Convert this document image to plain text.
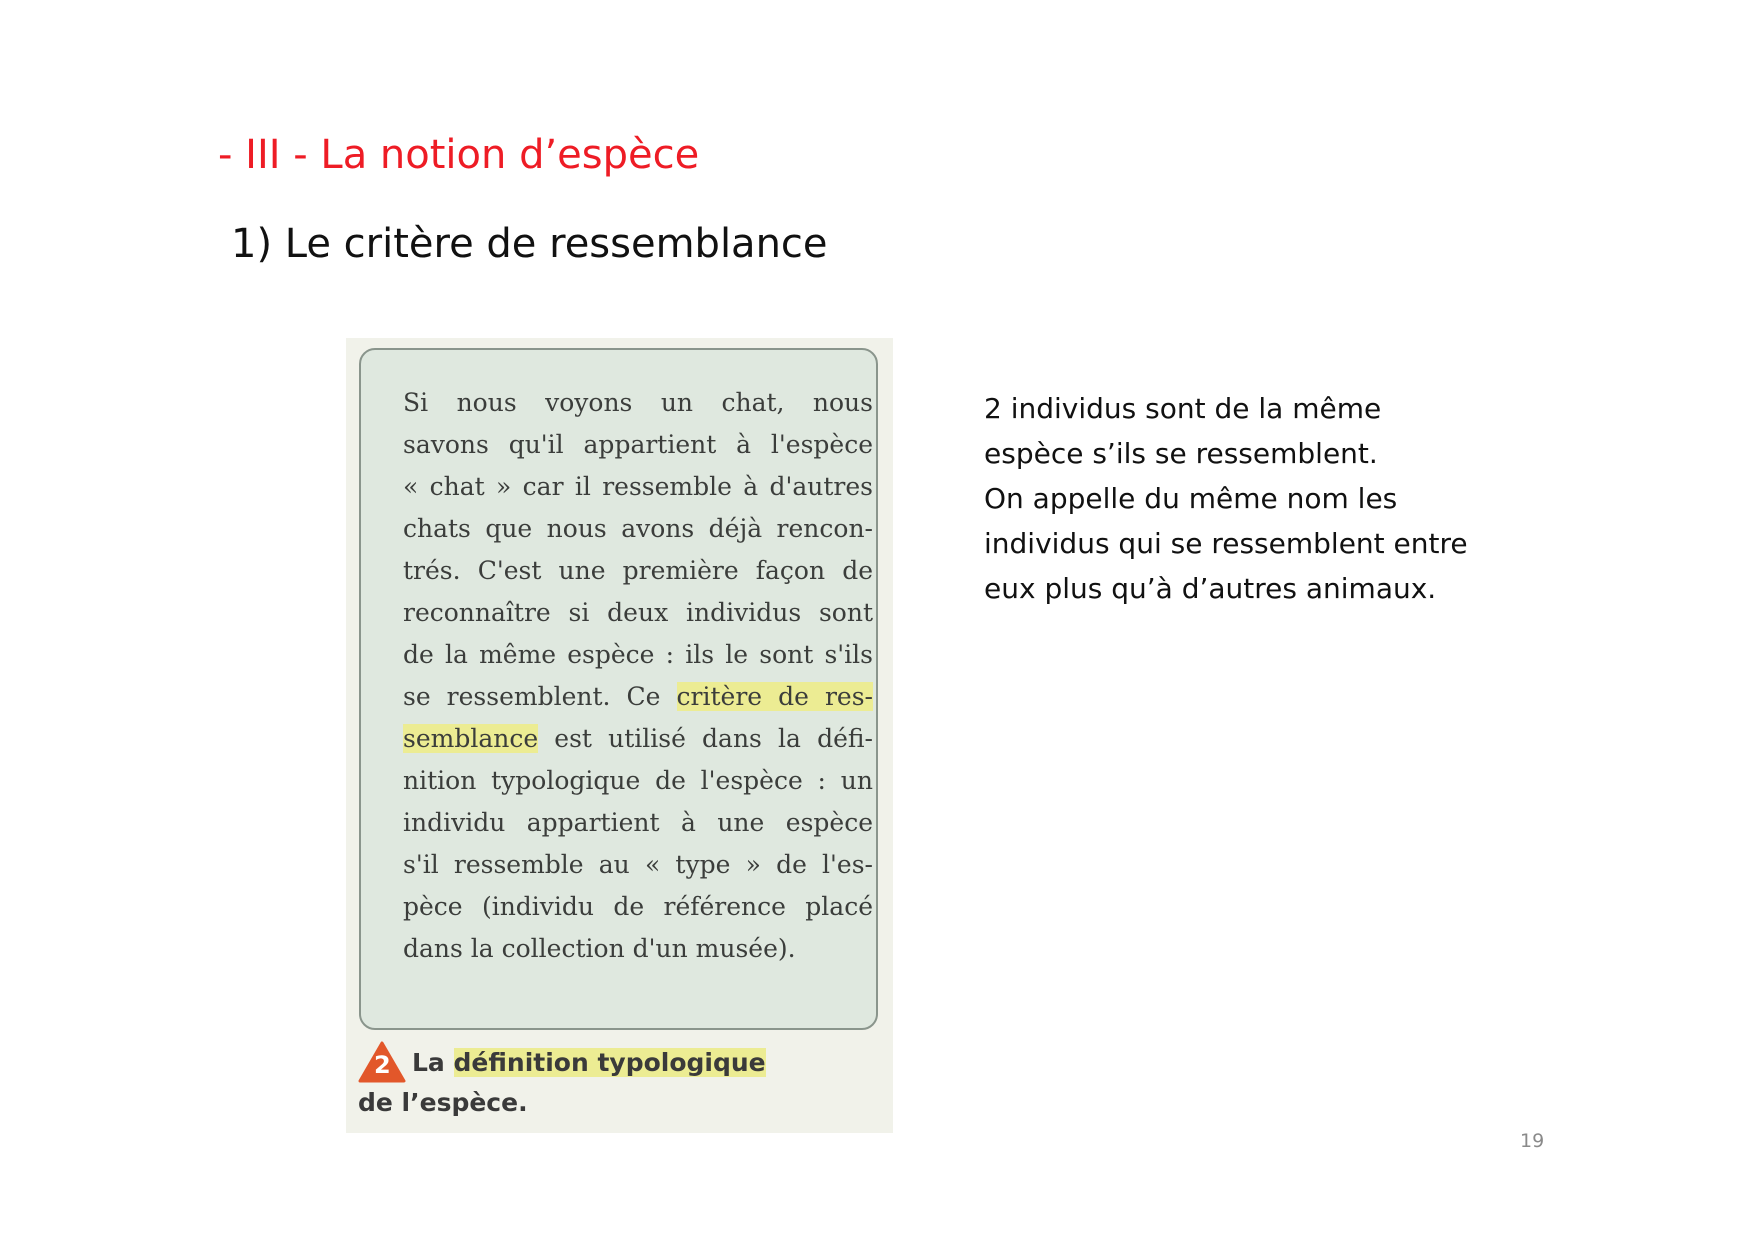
- III - La notion d’espèce
1) Le critère de ressemblance
Si nous voyons un chat, nous
savons qu'il appartient à l'espèce
« chat » car il ressemble à d'autres
chats que nous avons déjà rencon-
trés. C'est une première façon de
reconnaître si deux individus sont
de la même espèce : ils le sont s'ils
se ressemblent. Ce critère de res-
semblance est utilisé dans la défi-
nition typologique de l'espèce : un
individu appartient à une espèce
s'il ressemble au « type » de l'es-
pèce (individu de référence placé
dans la collection d'un musée).
2 La définition typologique
de l’espèce.
2 individus sont de la même
espèce s’ils se ressemblent.
On appelle du même nom les
individus qui se ressemblent entre
eux plus qu’à d’autres animaux.
19
